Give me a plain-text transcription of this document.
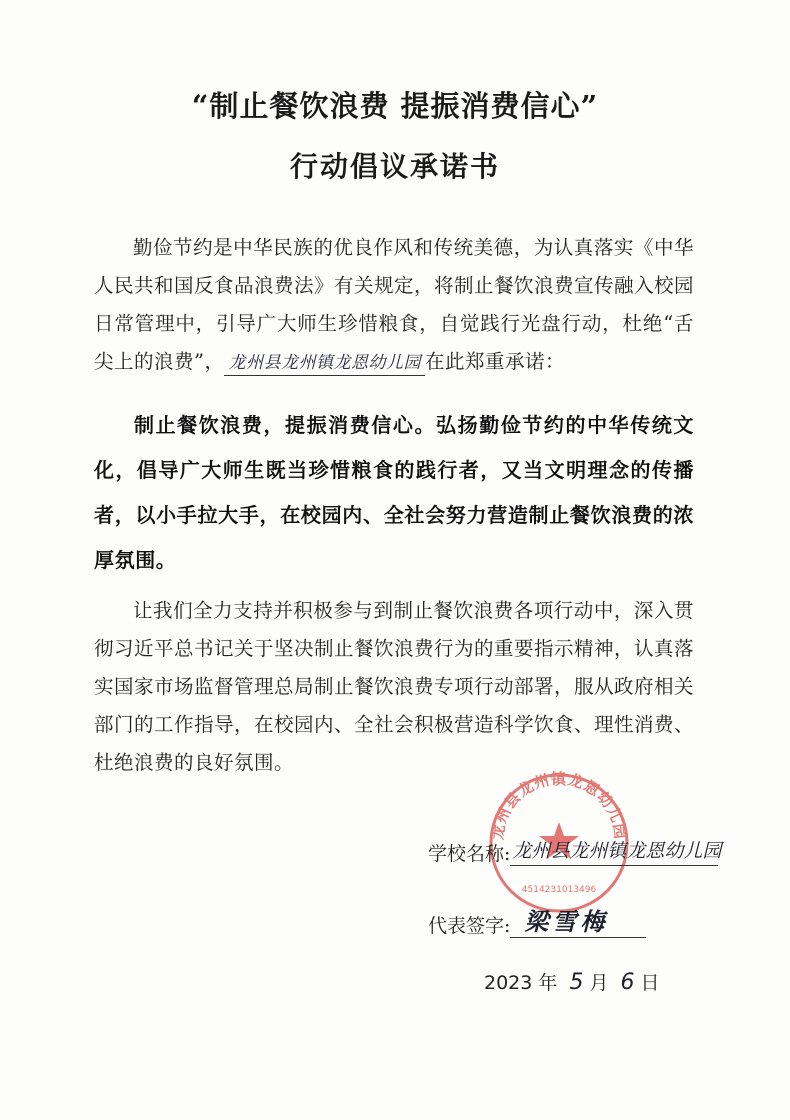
“制止餐饮浪费 提振消费信心”
行动倡议承诺书
勤俭节约是中华民族的优良作风和传统美德，为认真落实《中华人民共和国反食品浪费法》有关规定，将制止餐饮浪费宣传融入校园日常管理中，引导广大师生珍惜粮食，自觉践行光盘行动，杜绝“舌尖上的浪费”， 龙州县龙州镇龙恩幼儿园 在此郑重承诺：
制止餐饮浪费，提振消费信心。弘扬勤俭节约的中华传统文化，倡导广大师生既当珍惜粮食的践行者，又当文明理念的传播者，以小手拉大手，在校园内、全社会努力营造制止餐饮浪费的浓厚氛围。
让我们全力支持并积极参与到制止餐饮浪费各项行动中，深入贯彻习近平总书记关于坚决制止餐饮浪费行为的重要指示精神，认真落实国家市场监督管理总局制止餐饮浪费专项行动部署，服从政府相关部门的工作指导，在校园内、全社会积极营造科学饮食、理性消费、杜绝浪费的良好氛围。
龙州县龙州镇龙恩幼儿园
4514231013496
学校名称: 龙州县龙州镇龙恩幼儿园
代表签字: 梁雪梅
2023 年 5 月 6 日
